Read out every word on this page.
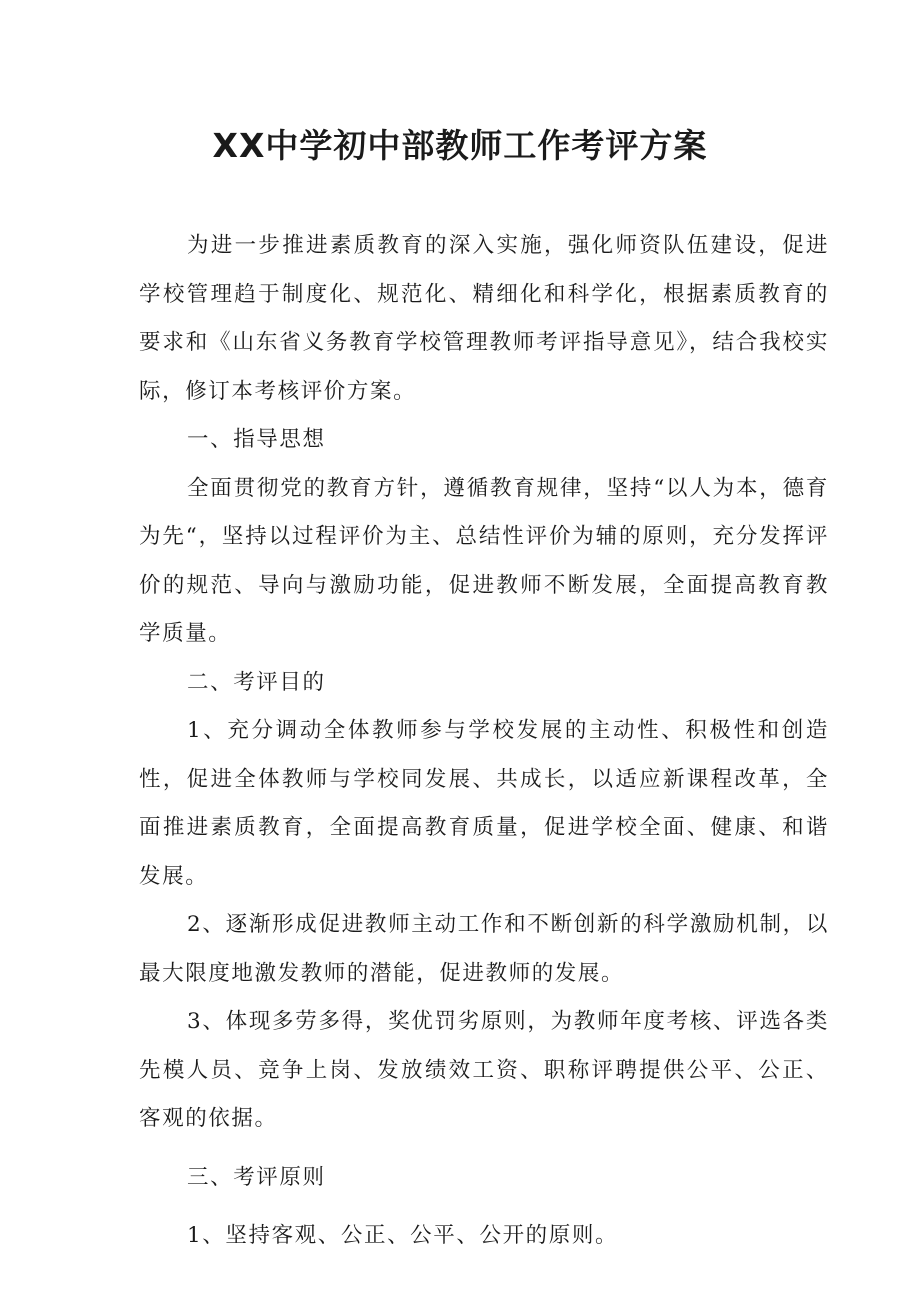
XX中学初中部教师工作考评方案

为进一步推进素质教育的深入实施，强化师资队伍建设，促进学校管理趋于制度化、规范化、精细化和科学化，根据素质教育的要求和《山东省义务教育学校管理教师考评指导意见》，结合我校实际，修订本考核评价方案。

一、指导思想

全面贯彻党的教育方针，遵循教育规律，坚持“以人为本，德育为先“，坚持以过程评价为主、总结性评价为辅的原则，充分发挥评价的规范、导向与激励功能，促进教师不断发展，全面提高教育教学质量。

二、考评目的

1、充分调动全体教师参与学校发展的主动性、积极性和创造性，促进全体教师与学校同发展、共成长，以适应新课程改革，全面推进素质教育，全面提高教育质量，促进学校全面、健康、和谐发展。

2、逐渐形成促进教师主动工作和不断创新的科学激励机制，以最大限度地激发教师的潜能，促进教师的发展。

3、体现多劳多得，奖优罚劣原则，为教师年度考核、评选各类先模人员、竞争上岗、发放绩效工资、职称评聘提供公平、公正、客观的依据。

三、考评原则

1、坚持客观、公正、公平、公开的原则。
